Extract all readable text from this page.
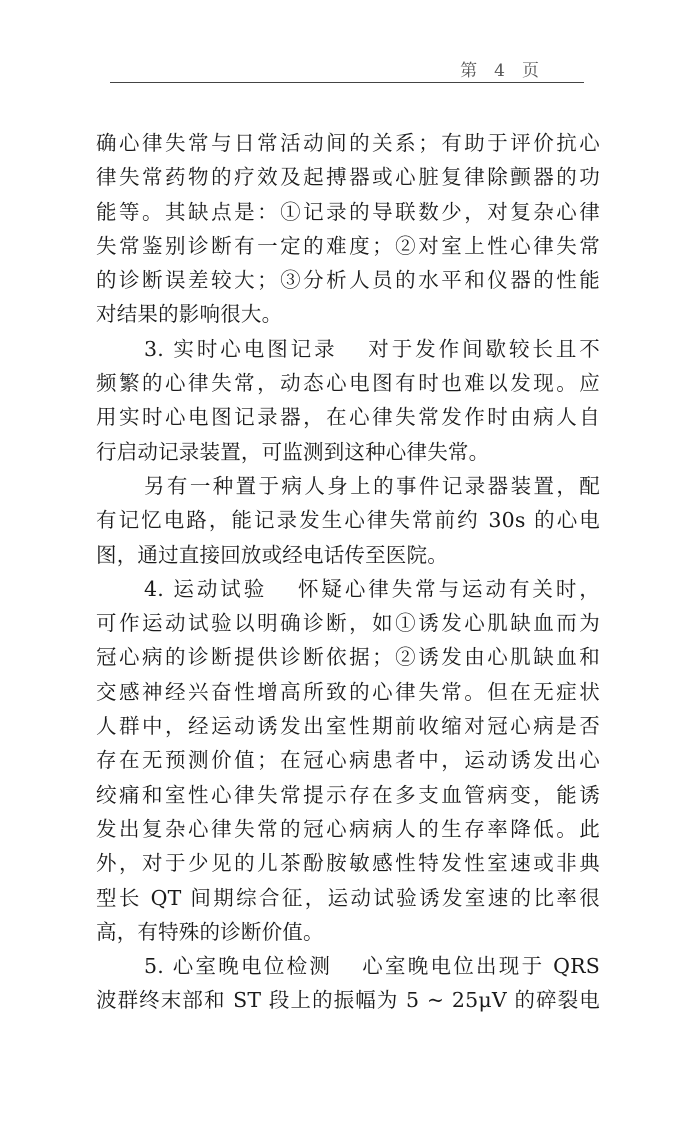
第 4 页

确心律失常与日常活动间的关系；有助于评价抗心

律失常药物的疗效及起搏器或心脏复律除颤器的功

能等。其缺点是：①记录的导联数少，对复杂心律

失常鉴别诊断有一定的难度；②对室上性心律失常

的诊断误差较大；③分析人员的水平和仪器的性能

对结果的影响很大。

3. 实时心电图记录 对于发作间歇较长且不

频繁的心律失常，动态心电图有时也难以发现。应

用实时心电图记录器，在心律失常发作时由病人自

行启动记录装置，可监测到这种心律失常。

另有一种置于病人身上的事件记录器装置，配

有记忆电路，能记录发生心律失常前约 30s 的心电

图，通过直接回放或经电话传至医院。

4. 运动试验 怀疑心律失常与运动有关时，

可作运动试验以明确诊断，如①诱发心肌缺血而为

冠心病的诊断提供诊断依据；②诱发由心肌缺血和

交感神经兴奋性增高所致的心律失常。但在无症状

人群中，经运动诱发出室性期前收缩对冠心病是否

存在无预测价值；在冠心病患者中，运动诱发出心

绞痛和室性心律失常提示存在多支血管病变，能诱

发出复杂心律失常的冠心病病人的生存率降低。此

外，对于少见的儿茶酚胺敏感性特发性室速或非典

型长 QT 间期综合征，运动试验诱发室速的比率很

高，有特殊的诊断价值。

5. 心室晚电位检测 心室晚电位出现于 QRS

波群终末部和 ST 段上的振幅为 5 ~ 25μV 的碎裂电
